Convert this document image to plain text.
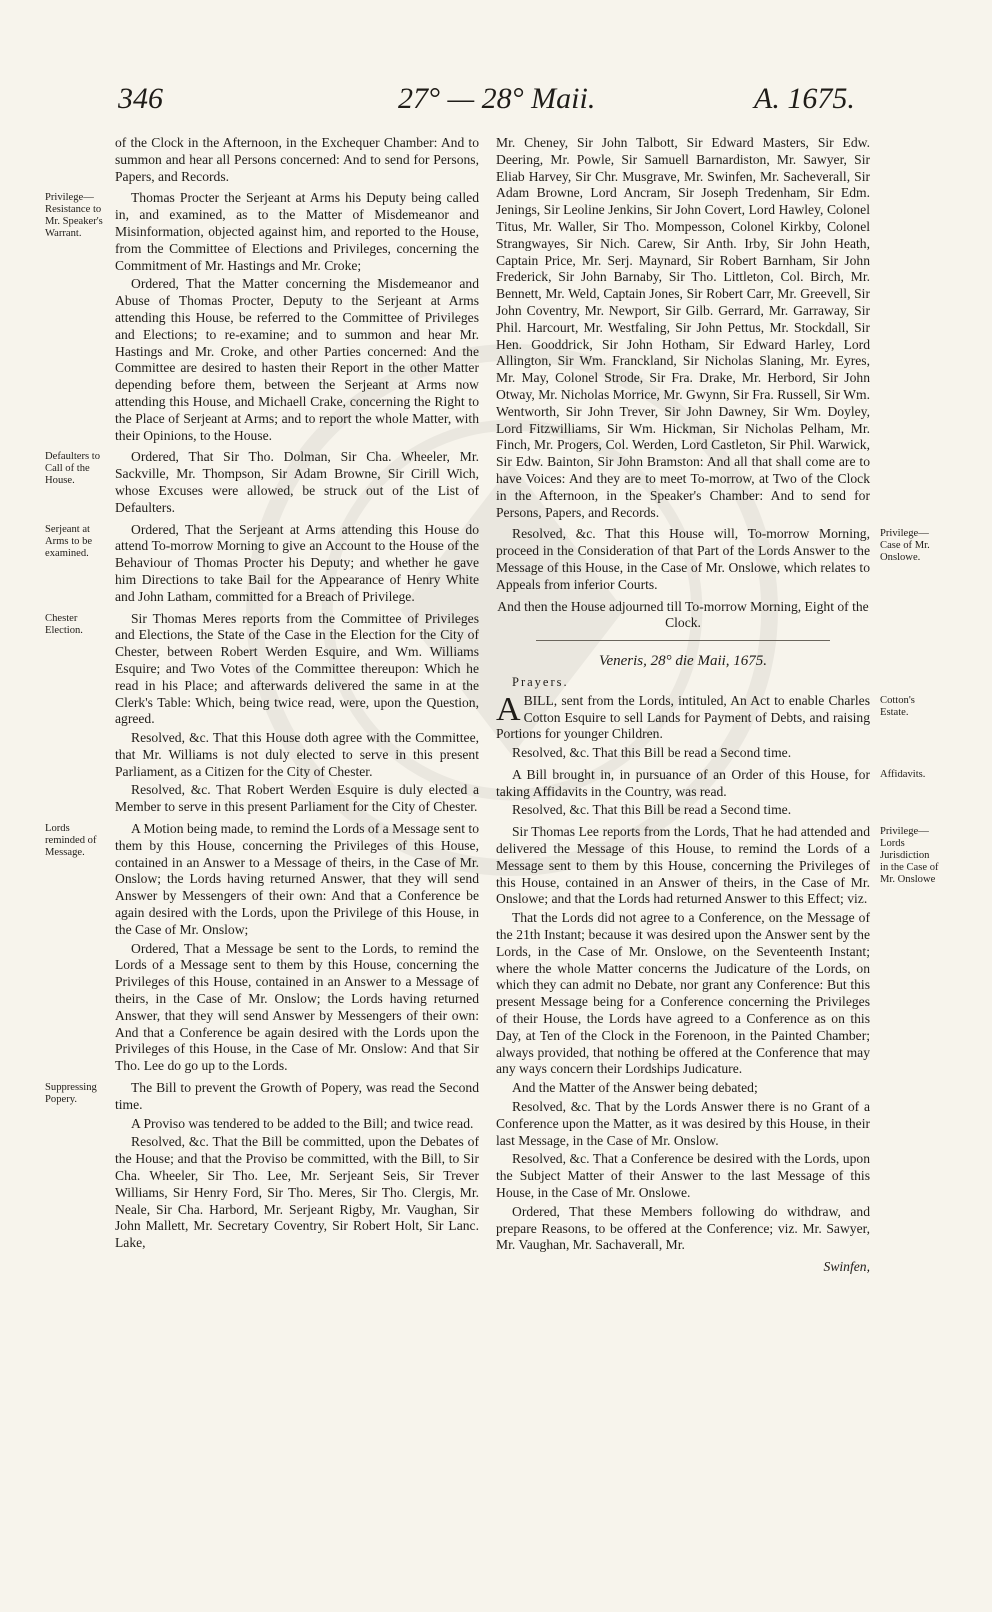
346	27° — 28° Maii.	A. 1675.

of the Clock in the Afternoon, in the Exchequer Chamber: And to summon and hear all Persons concerned: And to send for Persons, Papers, and Records.

Privilege— Resistance to Mr. Speaker's Warrant.

Thomas Procter the Serjeant at Arms his Deputy being called in, and examined, as to the Matter of Misdemeanor and Misinformation, objected against him, and reported to the House, from the Committee of Elections and Privileges, concerning the Commitment of Mr. Hastings and Mr. Croke;

Ordered, That the Matter concerning the Misdemeanor and Abuse of Thomas Procter, Deputy to the Serjeant at Arms attending this House, be referred to the Committee of Privileges and Elections; to re-examine; and to summon and hear Mr. Hastings and Mr. Croke, and other Parties concerned: And the Committee are desired to hasten their Report in the other Matter depending before them, between the Serjeant at Arms now attending this House, and Michaell Crake, concerning the Right to the Place of Serjeant at Arms; and to report the whole Matter, with their Opinions, to the House.

Defaulters to Call of the House.

Ordered, That Sir Tho. Dolman, Sir Cha. Wheeler, Mr. Sackville, Mr. Thompson, Sir Adam Browne, Sir Cirill Wich, whose Excuses were allowed, be struck out of the List of Defaulters.

Serjeant at Arms to be examined.

Ordered, That the Serjeant at Arms attending this House do attend To-morrow Morning to give an Account to the House of the Behaviour of Thomas Procter his Deputy; and whether he gave him Directions to take Bail for the Appearance of Henry White and John Latham, committed for a Breach of Privilege.

Chester Election.

Sir Thomas Meres reports from the Committee of Privileges and Elections, the State of the Case in the Election for the City of Chester, between Robert Werden Esquire, and Wm. Williams Esquire; and Two Votes of the Committee thereupon: Which he read in his Place; and afterwards delivered the same in at the Clerk's Table: Which, being twice read, were, upon the Question, agreed.

Resolved, &c. That this House doth agree with the Committee, that Mr. Williams is not duly elected to serve in this present Parliament, as a Citizen for the City of Chester.

Resolved, &c. That Robert Werden Esquire is duly elected a Member to serve in this present Parliament for the City of Chester.

Lords reminded of Message.

A Motion being made, to remind the Lords of a Message sent to them by this House, concerning the Privileges of this House, contained in an Answer to a Message of theirs, in the Case of Mr. Onslow; the Lords having returned Answer, that they will send Answer by Messengers of their own: And that a Conference be again desired with the Lords, upon the Privilege of this House, in the Case of Mr. Onslow;

Ordered, That a Message be sent to the Lords, to remind the Lords of a Message sent to them by this House, concerning the Privileges of this House, contained in an Answer to a Message of theirs, in the Case of Mr. Onslow; the Lords having returned Answer, that they will send Answer by Messengers of their own: And that a Conference be again desired with the Lords upon the Privileges of this House, in the Case of Mr. Onslow: And that Sir Tho. Lee do go up to the Lords.

Suppressing Popery.

The Bill to prevent the Growth of Popery, was read the Second time.

A Proviso was tendered to be added to the Bill; and twice read.

Resolved, &c. That the Bill be committed, upon the Debates of the House; and that the Proviso be committed, with the Bill, to Sir Cha. Wheeler, Sir Tho. Lee, Mr. Serjeant Seis, Sir Trever Williams, Sir Henry Ford, Sir Tho. Meres, Sir Tho. Clergis, Mr. Neale, Sir Cha. Harbord, Mr. Serjeant Rigby, Mr. Vaughan, Sir John Mallett, Mr. Secretary Coventry, Sir Robert Holt, Sir Lanc. Lake,

Mr. Cheney, Sir John Talbott, Sir Edward Masters, Sir Edw. Deering, Mr. Powle, Sir Samuell Barnardiston, Mr. Sawyer, Sir Eliab Harvey, Sir Chr. Musgrave, Mr. Swinfen, Mr. Sacheverall, Sir Adam Browne, Lord Ancram, Sir Joseph Tredenham, Sir Edm. Jenings, Sir Leoline Jenkins, Sir John Covert, Lord Hawley, Colonel Titus, Mr. Waller, Sir Tho. Mompesson, Colonel Kirkby, Colonel Strangwayes, Sir Nich. Carew, Sir Anth. Irby, Sir John Heath, Captain Price, Mr. Serj. Maynard, Sir Robert Barnham, Sir John Frederick, Sir John Barnaby, Sir Tho. Littleton, Col. Birch, Mr. Bennett, Mr. Weld, Captain Jones, Sir Robert Carr, Mr. Greevell, Sir John Coventry, Mr. Newport, Sir Gilb. Gerrard, Mr. Garraway, Sir Phil. Harcourt, Mr. Westfaling, Sir John Pettus, Mr. Stockdall, Sir Hen. Gooddrick, Sir John Hotham, Sir Edward Harley, Lord Allington, Sir Wm. Franckland, Sir Nicholas Slaning, Mr. Eyres, Mr. May, Colonel Strode, Sir Fra. Drake, Mr. Herbord, Sir John Otway, Mr. Nicholas Morrice, Mr. Gwynn, Sir Fra. Russell, Sir Wm. Wentworth, Sir John Trever, Sir John Dawney, Sir Wm. Doyley, Lord Fitzwilliams, Sir Wm. Hickman, Sir Nicholas Pelham, Mr. Finch, Mr. Progers, Col. Werden, Lord Castleton, Sir Phil. Warwick, Sir Edw. Bainton, Sir John Bramston: And all that shall come are to have Voices: And they are to meet To-morrow, at Two of the Clock in the Afternoon, in the Speaker's Chamber: And to send for Persons, Papers, and Records.

Privilege— Case of Mr. Onslowe.

Resolved, &c. That this House will, To-morrow Morning, proceed in the Consideration of that Part of the Lords Answer to the Message of this House, in the Case of Mr. Onslowe, which relates to Appeals from inferior Courts.

And then the House adjourned till To-morrow Morning, Eight of the Clock.

Veneris, 28° die Maii, 1675.
Prayers.
Cotton's Estate.

ABILL, sent from the Lords, intituled, An Act to enable Charles Cotton Esquire to sell Lands for Payment of Debts, and raising Portions for younger Children.

Resolved, &c. That this Bill be read a Second time.

Affidavits.

A Bill brought in, in pursuance of an Order of this House, for taking Affidavits in the Country, was read.

Resolved, &c. That this Bill be read a Second time.

Privilege— Lords Jurisdiction in the Case of Mr. Onslowe

Sir Thomas Lee reports from the Lords, That he had attended and delivered the Message of this House, to remind the Lords of a Message sent to them by this House, concerning the Privileges of this House, contained in an Answer of theirs, in the Case of Mr. Onslowe; and that the Lords had returned Answer to this Effect; viz.

That the Lords did not agree to a Conference, on the Message of the 21th Instant; because it was desired upon the Answer sent by the Lords, in the Case of Mr. Onslowe, on the Seventeenth Instant; where the whole Matter concerns the Judicature of the Lords, on which they can admit no Debate, nor grant any Conference: But this present Message being for a Conference concerning the Privileges of their House, the Lords have agreed to a Conference as on this Day, at Ten of the Clock in the Forenoon, in the Painted Chamber; always provided, that nothing be offered at the Conference that may any ways concern their Lordships Judicature.

And the Matter of the Answer being debated;

Resolved, &c. That by the Lords Answer there is no Grant of a Conference upon the Matter, as it was desired by this House, in their last Message, in the Case of Mr. Onslow.

Resolved, &c. That a Conference be desired with the Lords, upon the Subject Matter of their Answer to the last Message of this House, in the Case of Mr. Onslowe.

Ordered, That these Members following do withdraw, and prepare Reasons, to be offered at the Conference; viz. Mr. Sawyer, Mr. Vaughan, Mr. Sachaverall, Mr.

Swinfen,
